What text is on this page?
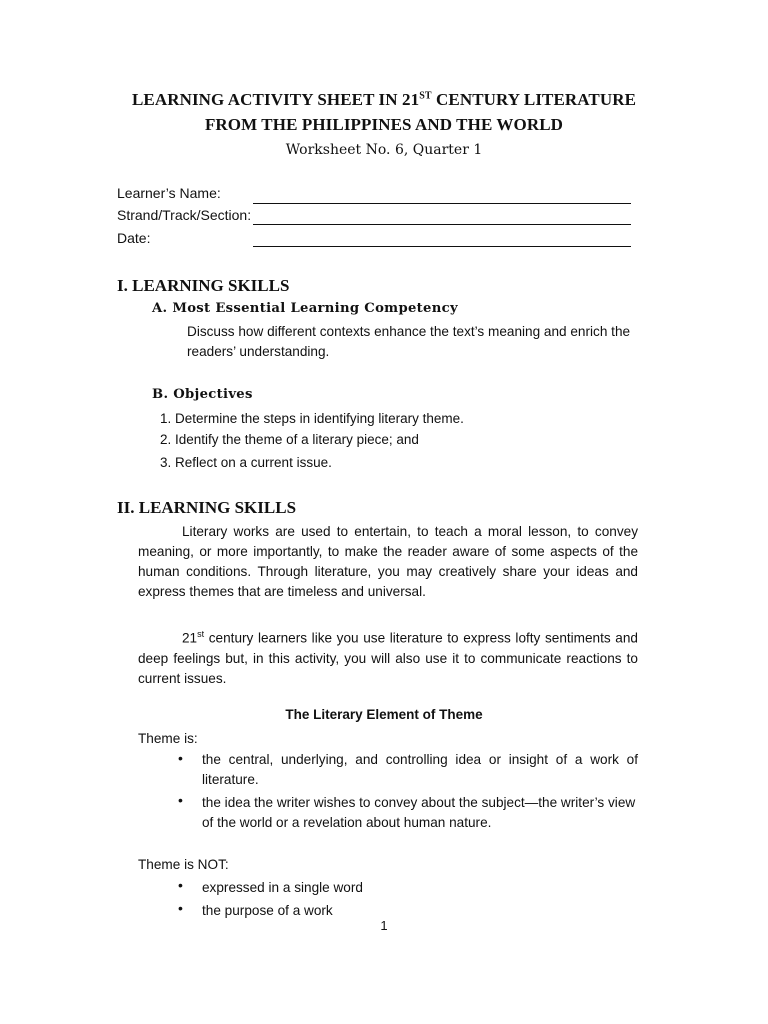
LEARNING ACTIVITY SHEET IN 21ST CENTURY LITERATURE
FROM THE PHILIPPINES AND THE WORLD
Worksheet No. 6, Quarter 1
Learner’s Name:
Strand/Track/Section:
Date:
I. LEARNING SKILLS
A. Most Essential Learning Competency
Discuss how different contexts enhance the text’s meaning and enrich the readers’ understanding.
B. Objectives
1. Determine the steps in identifying literary theme.
2. Identify the theme of a literary piece; and
3. Reflect on a current issue.
II. LEARNING SKILLS
Literary works are used to entertain, to teach a moral lesson, to convey meaning, or more importantly, to make the reader aware of some aspects of the human conditions. Through literature, you may creatively share your ideas and express themes that are timeless and universal.
21st century learners like you use literature to express lofty sentiments and deep feelings but, in this activity, you will also use it to communicate reactions to current issues.
The Literary Element of Theme
Theme is:
• the central, underlying, and controlling idea or insight of a work of literature.
• the idea the writer wishes to convey about the subject—the writer’s view of the world or a revelation about human nature.
Theme is NOT:
• expressed in a single word
• the purpose of a work
1
